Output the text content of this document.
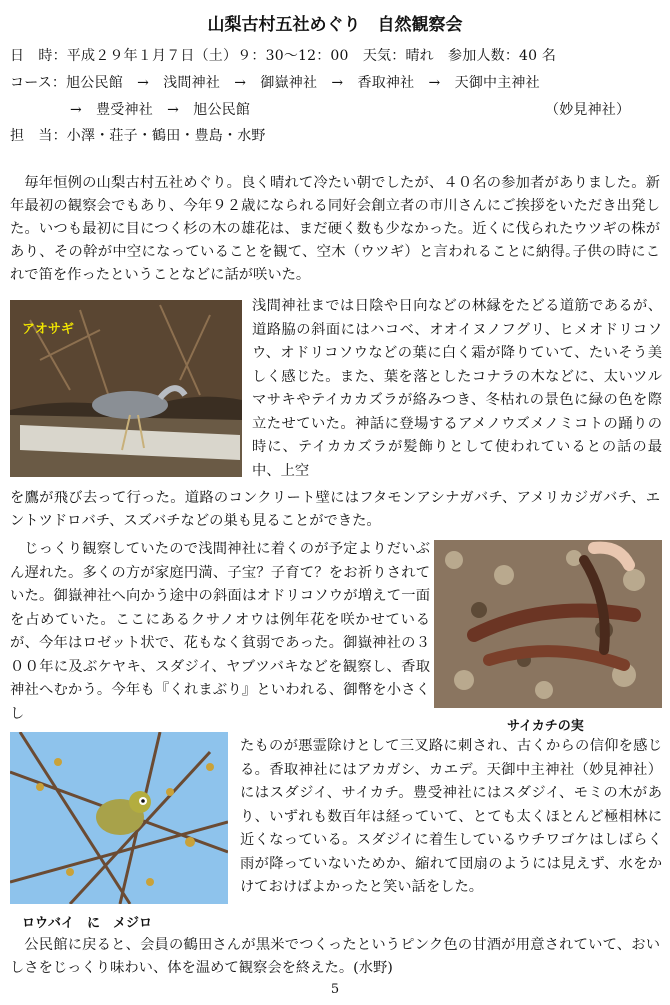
山梨古村五社めぐり　自然観察会
日　時：平成２９年１月７日（土）９：30〜12：00　天気：晴れ　参加人数：40 名
コース：旭公民館　→　浅間神社　→　御嶽神社　→　香取神社　→　天御中主神社
→　豊受神社　→　旭公民館	（妙見神社）
担　当：小澤・荘子・鶴田・豊島・水野

毎年恒例の山梨古村五社めぐり。良く晴れて冷たい朝でしたが、４０名の参加者がありました。新年最初の観察会でもあり、今年９２歳になられる同好会創立者の市川さんにご挨拶をいただき出発した。いつも最初に目につく杉の木の雄花は、まだ硬く数も少なかった。近くに伐られたウツギの株があり、その幹が中空になっていることを観て、空木（ウツギ）と言われることに納得｡子供の時にこれで笛を作ったということなどに話が咲いた。

アオサギ

浅間神社までは日陰や日向などの林縁をたどる道筋であるが、道路脇の斜面にはハコベ、オオイヌノフグリ、ヒメオドリコソウ、オドリコソウなどの葉に白く霜が降りていて、たいそう美しく感じた。また、葉を落としたコナラの木などに、太いツルマサキやテイカカズラが絡みつき、冬枯れの景色に緑の色を際立たせていた。神話に登場するアメノウズメノミコトの踊りの時に、テイカカズラが髪飾りとして使われているとの話の最中、上空

を鷹が飛び去って行った。道路のコンクリート壁にはフタモンアシナガバチ、アメリカジガバチ、エントツドロバチ、スズバチなどの巣も見ることができた。

サイカチの実

じっくり観察していたので浅間神社に着くのが予定よりだいぶん遅れた。多くの方が家庭円満、子宝？子育て？をお祈りされていた。御嶽神社へ向かう途中の斜面はオドリコソウが増えて一面を占めていた。ここにあるクサノオウは例年花を咲かせているが、今年はロゼット状で、花もなく貧弱であった。御嶽神社の３００年に及ぶケヤキ、スダジイ、ヤブツバキなどを観察し、香取神社へむかう。今年も『くれまぶり』といわれる、御幣を小さくし

ロウバイ　に　メジロ

たものが悪霊除けとして三叉路に刺され、古くからの信仰を感じる。香取神社にはアカガシ、カエデ。天御中主神社（妙見神社）にはスダジイ、サイカチ。豊受神社にはスダジイ、モミの木があり、いずれも数百年は経っていて、とても太くほとんど極相林に近くなっている。スダジイに着生しているウチワゴケはしばらく雨が降っていないためか、縮れて団扇のようには見えず、水をかけておけばよかったと笑い話をした。

公民館に戻ると、会員の鶴田さんが黒米でつくったというピンク色の甘酒が用意されていて、おいしさをじっくり味わい、体を温めて観察会を終えた。(水野)

5
